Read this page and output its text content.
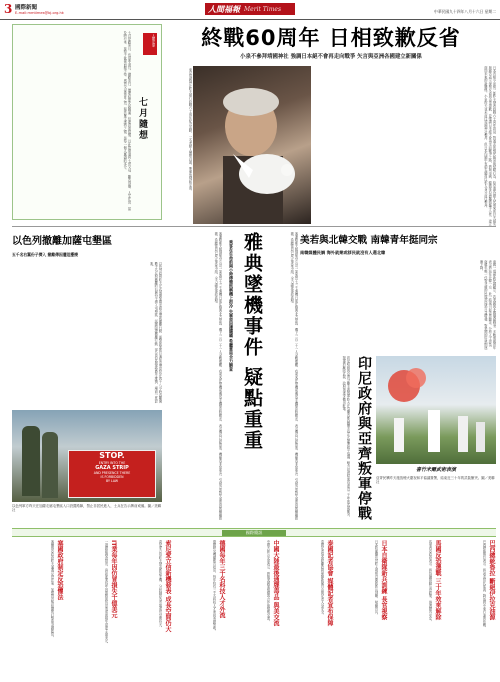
3 國際新聞
E-mail:mmtimes@bj.org.hk	人間福報 Merit Times	中華民國九十四年八月十六日 星期二
人間走筆
七月隨想
七月是歡喜月，也是孝道月。佛歡喜日，僧眾結夏安居圓滿，信眾設齋供僧，以此功德迴向七世父母，離苦得樂。人生在世，當及時行孝，莫待子欲養而親不待。感恩父母養育之恩，報答眾生護持之德，是每一個人應盡的本分。	終戰60周年 日相致歉反省
小泉不參拜靖國神社 強調日本絕不會再走向戰爭 矢言與亞洲各國建立新關係
東京靖國神社昨天舉行終戰六十周年紀念活動，一名老婦人懷抱白鴿，準備放飛和平鴿。	日本首相小泉純一郎昨天發表終戰六十周年談話，對過去的殖民統治與侵略行為，給亞洲各國人民帶來的巨大損失與痛苦表示深刻反省與由衷道歉，並強調日本絕不會再走向戰爭之路，將與中國、韓國等亞洲鄰國攜手合作，建立面向未來的新關係。小泉昨天並未前往靖國神社參拜，但日本內閣中有兩名閣員以私人身分前往參拜。
以色列撤離加薩屯墾區
五千名右翼份子擠入 撤離傳因遭阻擾撓
以色列政府昨天正式展開加薩走廊屯墾區撤離行動，軍警挨家挨戶通知屯墾居民在四十八小時內離開，數千名反對撤離的右翼份子湧入屯墾區，試圖阻撓撤離行動，部分居民與軍警發生推擠，場面一度混亂。
STOP.
ENTRY INTO THE
GAZA STRIP
AND PRESENCE THERE
IS FORBIDDEN
BY LAW
以色列軍方昨天在加薩走廊屯墾區入口設置路障，禁止非居民進入，士兵在告示牌前戒備。圖／美聯社
雅典墜機事件 疑點重重
乘客在生命前兩小時傳簡訊稱機上很冷 失事原因遭隱瞞 希臘當局全力調查
塞浦路斯太陽神航空公司一架波音七三七客機日前在雅典北方墜毀，機上一百二十一人全數罹難。有乘客在墜機前傳送手機簡訊給親友，表示機長已經昏迷、機艙內非常寒冷，引發外界對失事原因的種種猜測。希臘當局已成立專案小組，全力調查事故真相。	塞浦路斯太陽神航空公司一架波音七三七客機日前在雅典北方墜毀，機上一百二十一人全數罹難。有乘客在墜機前傳送手機簡訊給親友，表示機長已經昏迷、機艙內非常寒冷，引發外界對失事原因的種種猜測。希臘當局已成立專案小組，全力調查事故真相。 美若與北韓交戰 南韓青年挺同宗
南韓媒體民調 海外就業或移民就沒有人選北韓
南韓一項最新民調顯示，若美國與北韓爆發戰爭，多數南韓青年表示將站在北韓一方，此一結果引起各界關注。分析人士認為，南韓年輕一代對北韓的民族認同感日益增強，對美國的好感則逐漸下降。
印尼政府與亞齊叛軍停戰
印尼政府與亞齊分離主義叛軍昨天在芬蘭首都赫爾辛基正式簽署和平協議，雙方同意結束長達近三十年的武裝衝突，叛軍將解除武裝，政府則逐步撤出駐軍。
喜竹米爾武術表演
亞齊民眾昨天施放煙火慶祝和平協議簽署，結束近三十年的武裝衝突。圖／美聯社
國際簡訊
塞國政府制定反恐懼法
塞爾維亞政府昨天通過反恐法案，加強對恐怖組織的打擊與金融監管。	IT業每年因仿冒損失千億美元
一項國際調查指出，資訊產業每年因盜版與仿冒造成的損失高達千億美元。	索尼愛立信新機發表 成長空間仍大
索尼愛立信昨天發表新款手機，分析師認為市場成長空間仍大。	德國每年三千名科技人才外流
德國研究機構報告指出，每年約有三千名科技人才流向美國等地。	中國大陸最後通牒毒品 與美交流
中國大陸公安部表示，將與美國加強緝毒合作與情報交流。	泰國記者協會 媒體記者宣布保障
泰國記者協會呼籲政府保障新聞自由與記者人身安全。	日本自衛隊新兵訓練 長官視察
日本防衛廳長官昨天視察自衛隊新兵訓練，勉勵官兵。	馬國反恐選戰 三十年效來解除
馬來西亞政府表示，將持續推動反恐政策，維護國內安定。	巴西總統魯拉 斷絕伊拉克油源
巴西總統魯拉表示，將尋求替代能源，降低對中東石油的依賴。
